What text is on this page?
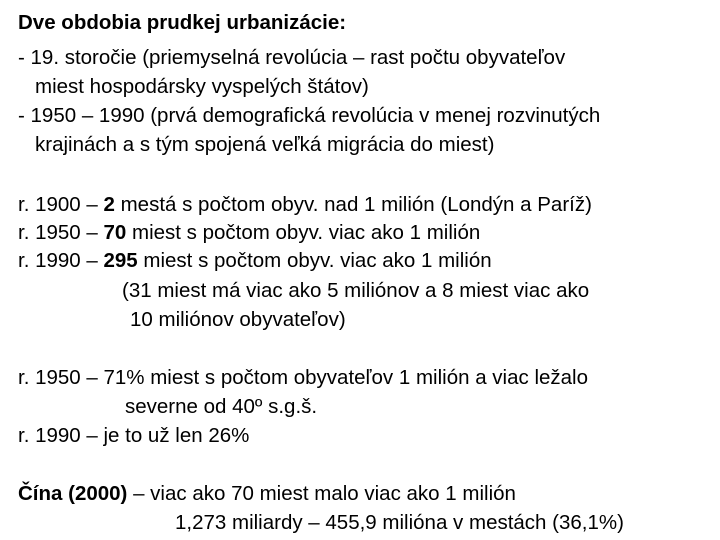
Dve obdobia prudkej urbanizácie:
- 19. storočie (priemyselná revolúcia – rast počtu obyvateľov
miest hospodársky vyspelých štátov)
- 1950 – 1990 (prvá demografická revolúcia v menej rozvinutých
krajinách a s tým spojená veľká migrácia do miest)
r. 1900 – 2 mestá s počtom obyv. nad 1 milión (Londýn a Paríž)
r. 1950 – 70 miest s počtom obyv. viac ako 1 milión
r. 1990 – 295 miest s počtom obyv. viac ako 1 milión
(31 miest má viac ako 5 miliónov a 8 miest viac ako
10 miliónov obyvateľov)
r. 1950 – 71% miest s počtom obyvateľov 1 milión a viac ležalo
severne od 40º s.g.š.
r. 1990 – je to už len 26%
Čína (2000) – viac ako 70 miest malo viac ako 1 milión
1,273 miliardy – 455,9 milióna v mestách (36,1%)
